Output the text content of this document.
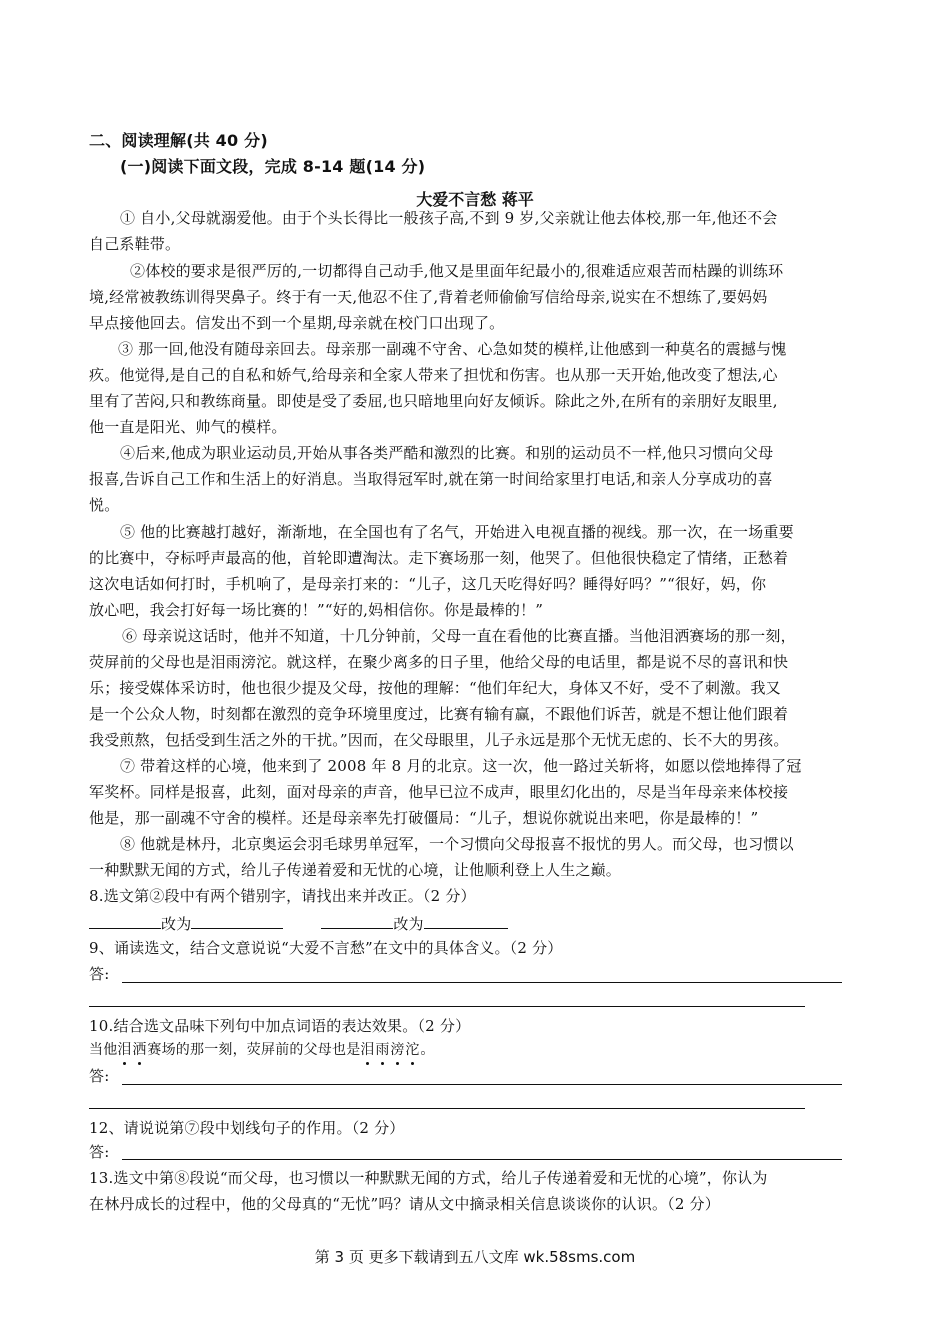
二、阅读理解(共 40 分)
(一)阅读下面文段，完成 8-14 题(14 分)
大爱不言愁 蒋平
① 自小,父母就溺爱他。由于个头长得比一般孩子高,不到 9 岁,父亲就让他去体校,那一年,他还不会
自己系鞋带。
②体校的要求是很严厉的,一切都得自己动手,他又是里面年纪最小的,很难适应艰苦而枯躁的训练环
境,经常被教练训得哭鼻子。终于有一天,他忍不住了,背着老师偷偷写信给母亲,说实在不想练了,要妈妈
早点接他回去。信发出不到一个星期,母亲就在校门口出现了。
③ 那一回,他没有随母亲回去。母亲那一副魂不守舍、心急如焚的模样,让他感到一种莫名的震撼与愧
疚。他觉得,是自己的自私和娇气,给母亲和全家人带来了担忧和伤害。也从那一天开始,他改变了想法,心
里有了苦闷,只和教练商量。即使是受了委屈,也只暗地里向好友倾诉。除此之外,在所有的亲朋好友眼里,
他一直是阳光、帅气的模样。
④后来,他成为职业运动员,开始从事各类严酷和激烈的比赛。和别的运动员不一样,他只习惯向父母
报喜,告诉自己工作和生活上的好消息。当取得冠军时,就在第一时间给家里打电话,和亲人分享成功的喜
悦。
⑤ 他的比赛越打越好，渐渐地，在全国也有了名气，开始进入电视直播的视线。那一次，在一场重要
的比赛中，夺标呼声最高的他，首轮即遭淘汰。走下赛场那一刻，他哭了。但他很快稳定了情绪，正愁着
这次电话如何打时，手机响了，是母亲打来的：“儿子，这几天吃得好吗？睡得好吗？”“很好，妈，你
放心吧，我会打好每一场比赛的！”“好的,妈相信你。你是最棒的！”
⑥ 母亲说这话时，他并不知道，十几分钟前，父母一直在看他的比赛直播。当他泪洒赛场的那一刻，
荧屏前的父母也是泪雨滂沱。就这样，在聚少离多的日子里，他给父母的电话里，都是说不尽的喜讯和快
乐；接受媒体采访时，他也很少提及父母，按他的理解：“他们年纪大，身体又不好，受不了刺激。我又
是一个公众人物，时刻都在激烈的竞争环境里度过，比赛有输有赢，不跟他们诉苦，就是不想让他们跟着
我受煎熬，包括受到生活之外的干扰。”因而，在父母眼里，儿子永远是那个无忧无虑的、长不大的男孩。
⑦ 带着这样的心境，他来到了 2008 年 8 月的北京。这一次，他一路过关斩将，如愿以偿地捧得了冠
军奖杯。同样是报喜，此刻，面对母亲的声音，他早已泣不成声，眼里幻化出的，尽是当年母亲来体校接
他是，那一副魂不守舍的模样。还是母亲率先打破僵局：“儿子，想说你就说出来吧，你是最棒的！”
⑧ 他就是林丹，北京奥运会羽毛球男单冠军，一个习惯向父母报喜不报忧的男人。而父母，也习惯以
一种默默无闻的方式，给儿子传递着爱和无忧的心境，让他顺利登上人生之巅。
8.选文第②段中有两个错别字，请找出来并改正。（2 分）
改为	改为
9、诵读选文，结合文意说说“大爱不言愁”在文中的具体含义。（2 分）
答:
10.结合选文品味下列句中加点词语的表达效果。（2 分）
当他泪
洒
赛场的那一刻，荧屏前的父母也是泪
雨
滂
沱
。
答:
12、请说说第⑦段中划线句子的作用。（2 分）
答:
13.选文中第⑧段说“而父母，也习惯以一种默默无闻的方式，给儿子传递着爱和无忧的心境”，你认为
在林丹成长的过程中，他的父母真的“无忧”吗？请从文中摘录相关信息谈谈你的认识。（2 分）
第 3 页 更多下载请到五八文库 wk.58sms.com
